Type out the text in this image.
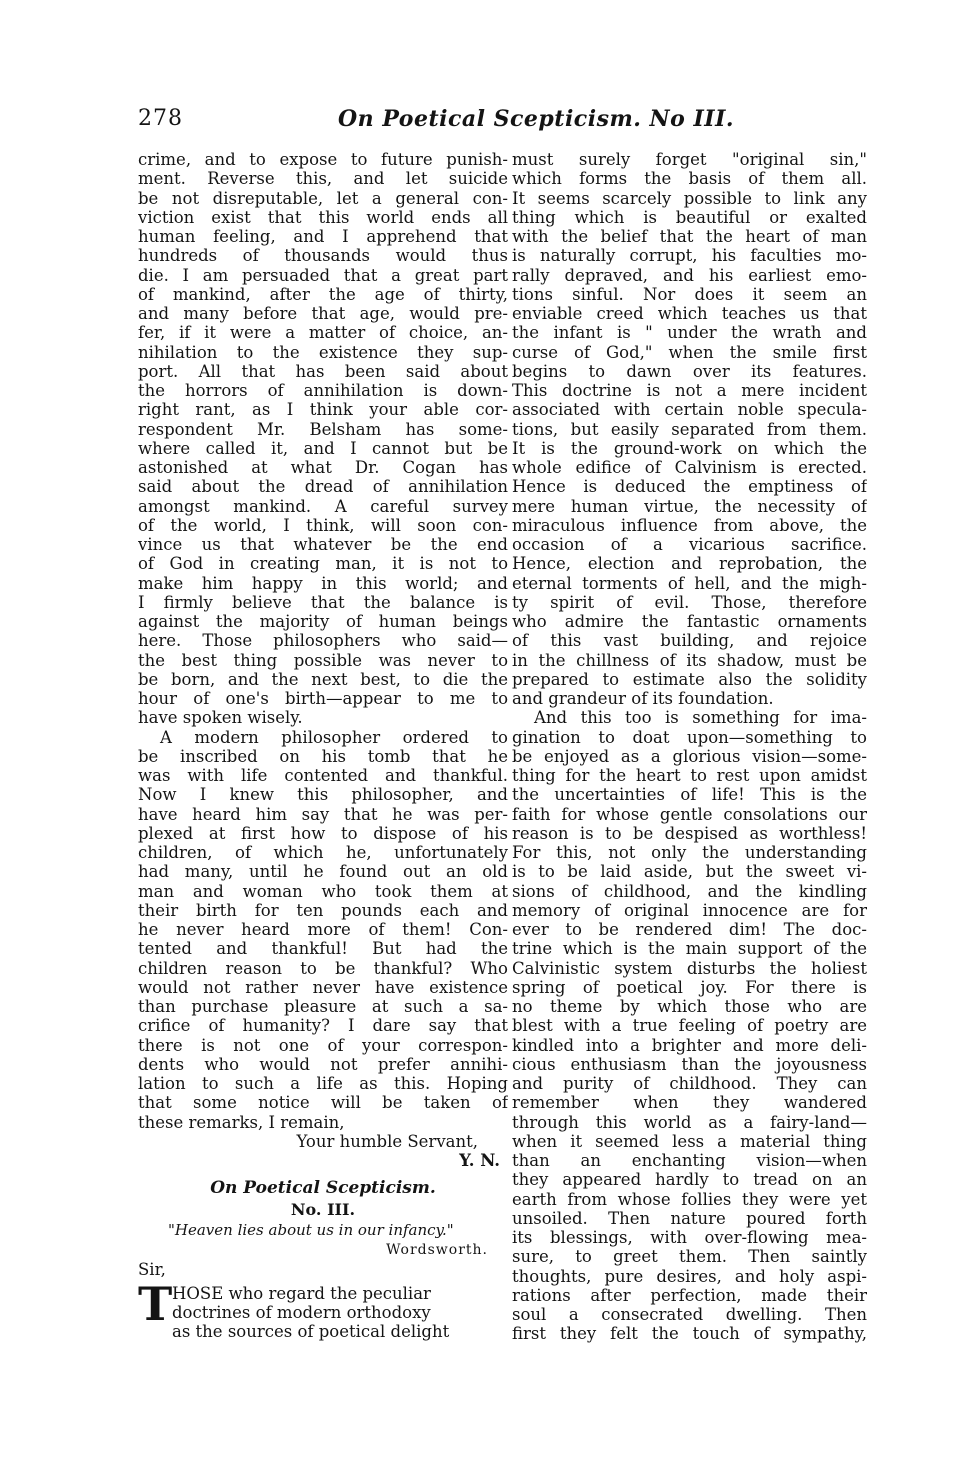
278	On Poetical Scepticism. No III.
crime, and to expose to future punish-
ment. Reverse this, and let suicide
be not disreputable, let a general con-
viction exist that this world ends all
human feeling, and I apprehend that
hundreds of thousands would thus
die. I am persuaded that a great part
of mankind, after the age of thirty,
and many before that age, would pre-
fer, if it were a matter of choice, an-
nihilation to the existence they sup-
port. All that has been said about
the horrors of annihilation is down-
right rant, as I think your able cor-
respondent Mr. Belsham has some-
where called it, and I cannot but be
astonished at what Dr. Cogan has
said about the dread of annihilation
amongst mankind. A careful survey
of the world, I think, will soon con-
vince us that whatever be the end
of God in creating man, it is not to
make him happy in this world; and
I firmly believe that the balance is
against the majority of human beings
here. Those philosophers who said—
the best thing possible was never to
be born, and the next best, to die the
hour of one's birth—appear to me to
have spoken wisely.
A modern philosopher ordered to
be inscribed on his tomb that he
was with life contented and thankful.
Now I knew this philosopher, and
have heard him say that he was per-
plexed at first how to dispose of his
children, of which he, unfortunately
had many, until he found out an old
man and woman who took them at
their birth for ten pounds each and
he never heard more of them! Con-
tented and thankful! But had the
children reason to be thankful? Who
would not rather never have existence
than purchase pleasure at such a sa-
crifice of humanity? I dare say that
there is not one of your correspon-
dents who would not prefer annihi-
lation to such a life as this. Hoping
that some notice will be taken of
these remarks, I remain,
Your humble Servant,
Y. N.
On Poetical Scepticism.
No. III.
"Heaven lies about us in our infancy."
Wordsworth.
Sir,
T HOSE who regard the peculiar
doctrines of modern orthodoxy
as the sources of poetical delight
must surely forget "original sin,"
which forms the basis of them all.
It seems scarcely possible to link any
thing which is beautiful or exalted
with the belief that the heart of man
is naturally corrupt, his faculties mo-
rally depraved, and his earliest emo-
tions sinful. Nor does it seem an
enviable creed which teaches us that
the infant is " under the wrath and
curse of God," when the smile first
begins to dawn over its features.
This doctrine is not a mere incident
associated with certain noble specula-
tions, but easily separated from them.
It is the ground-work on which the
whole edifice of Calvinism is erected.
Hence is deduced the emptiness of
mere human virtue, the necessity of
miraculous influence from above, the
occasion of a vicarious sacrifice.
Hence, election and reprobation, the
eternal torments of hell, and the migh-
ty spirit of evil. Those, therefore
who admire the fantastic ornaments
of this vast building, and rejoice
in the chillness of its shadow, must be
prepared to estimate also the solidity
and grandeur of its foundation.
And this too is something for ima-
gination to doat upon—something to
be enjoyed as a glorious vision—some-
thing for the heart to rest upon amidst
the uncertainties of life! This is the
faith for whose gentle consolations our
reason is to be despised as worthless!
For this, not only the understanding
is to be laid aside, but the sweet vi-
sions of childhood, and the kindling
memory of original innocence are for
ever to be rendered dim! The doc-
trine which is the main support of the
Calvinistic system disturbs the holiest
spring of poetical joy. For there is
no theme by which those who are
blest with a true feeling of poetry are
kindled into a brighter and more deli-
cious enthusiasm than the joyousness
and purity of childhood. They can
remember when they wandered
through this world as a fairy-land—
when it seemed less a material thing
than an enchanting vision—when
they appeared hardly to tread on an
earth from whose follies they were yet
unsoiled. Then nature poured forth
its blessings, with over-flowing mea-
sure, to greet them. Then saintly
thoughts, pure desires, and holy aspi-
rations after perfection, made their
soul a consecrated dwelling. Then
first they felt the touch of sympathy,
